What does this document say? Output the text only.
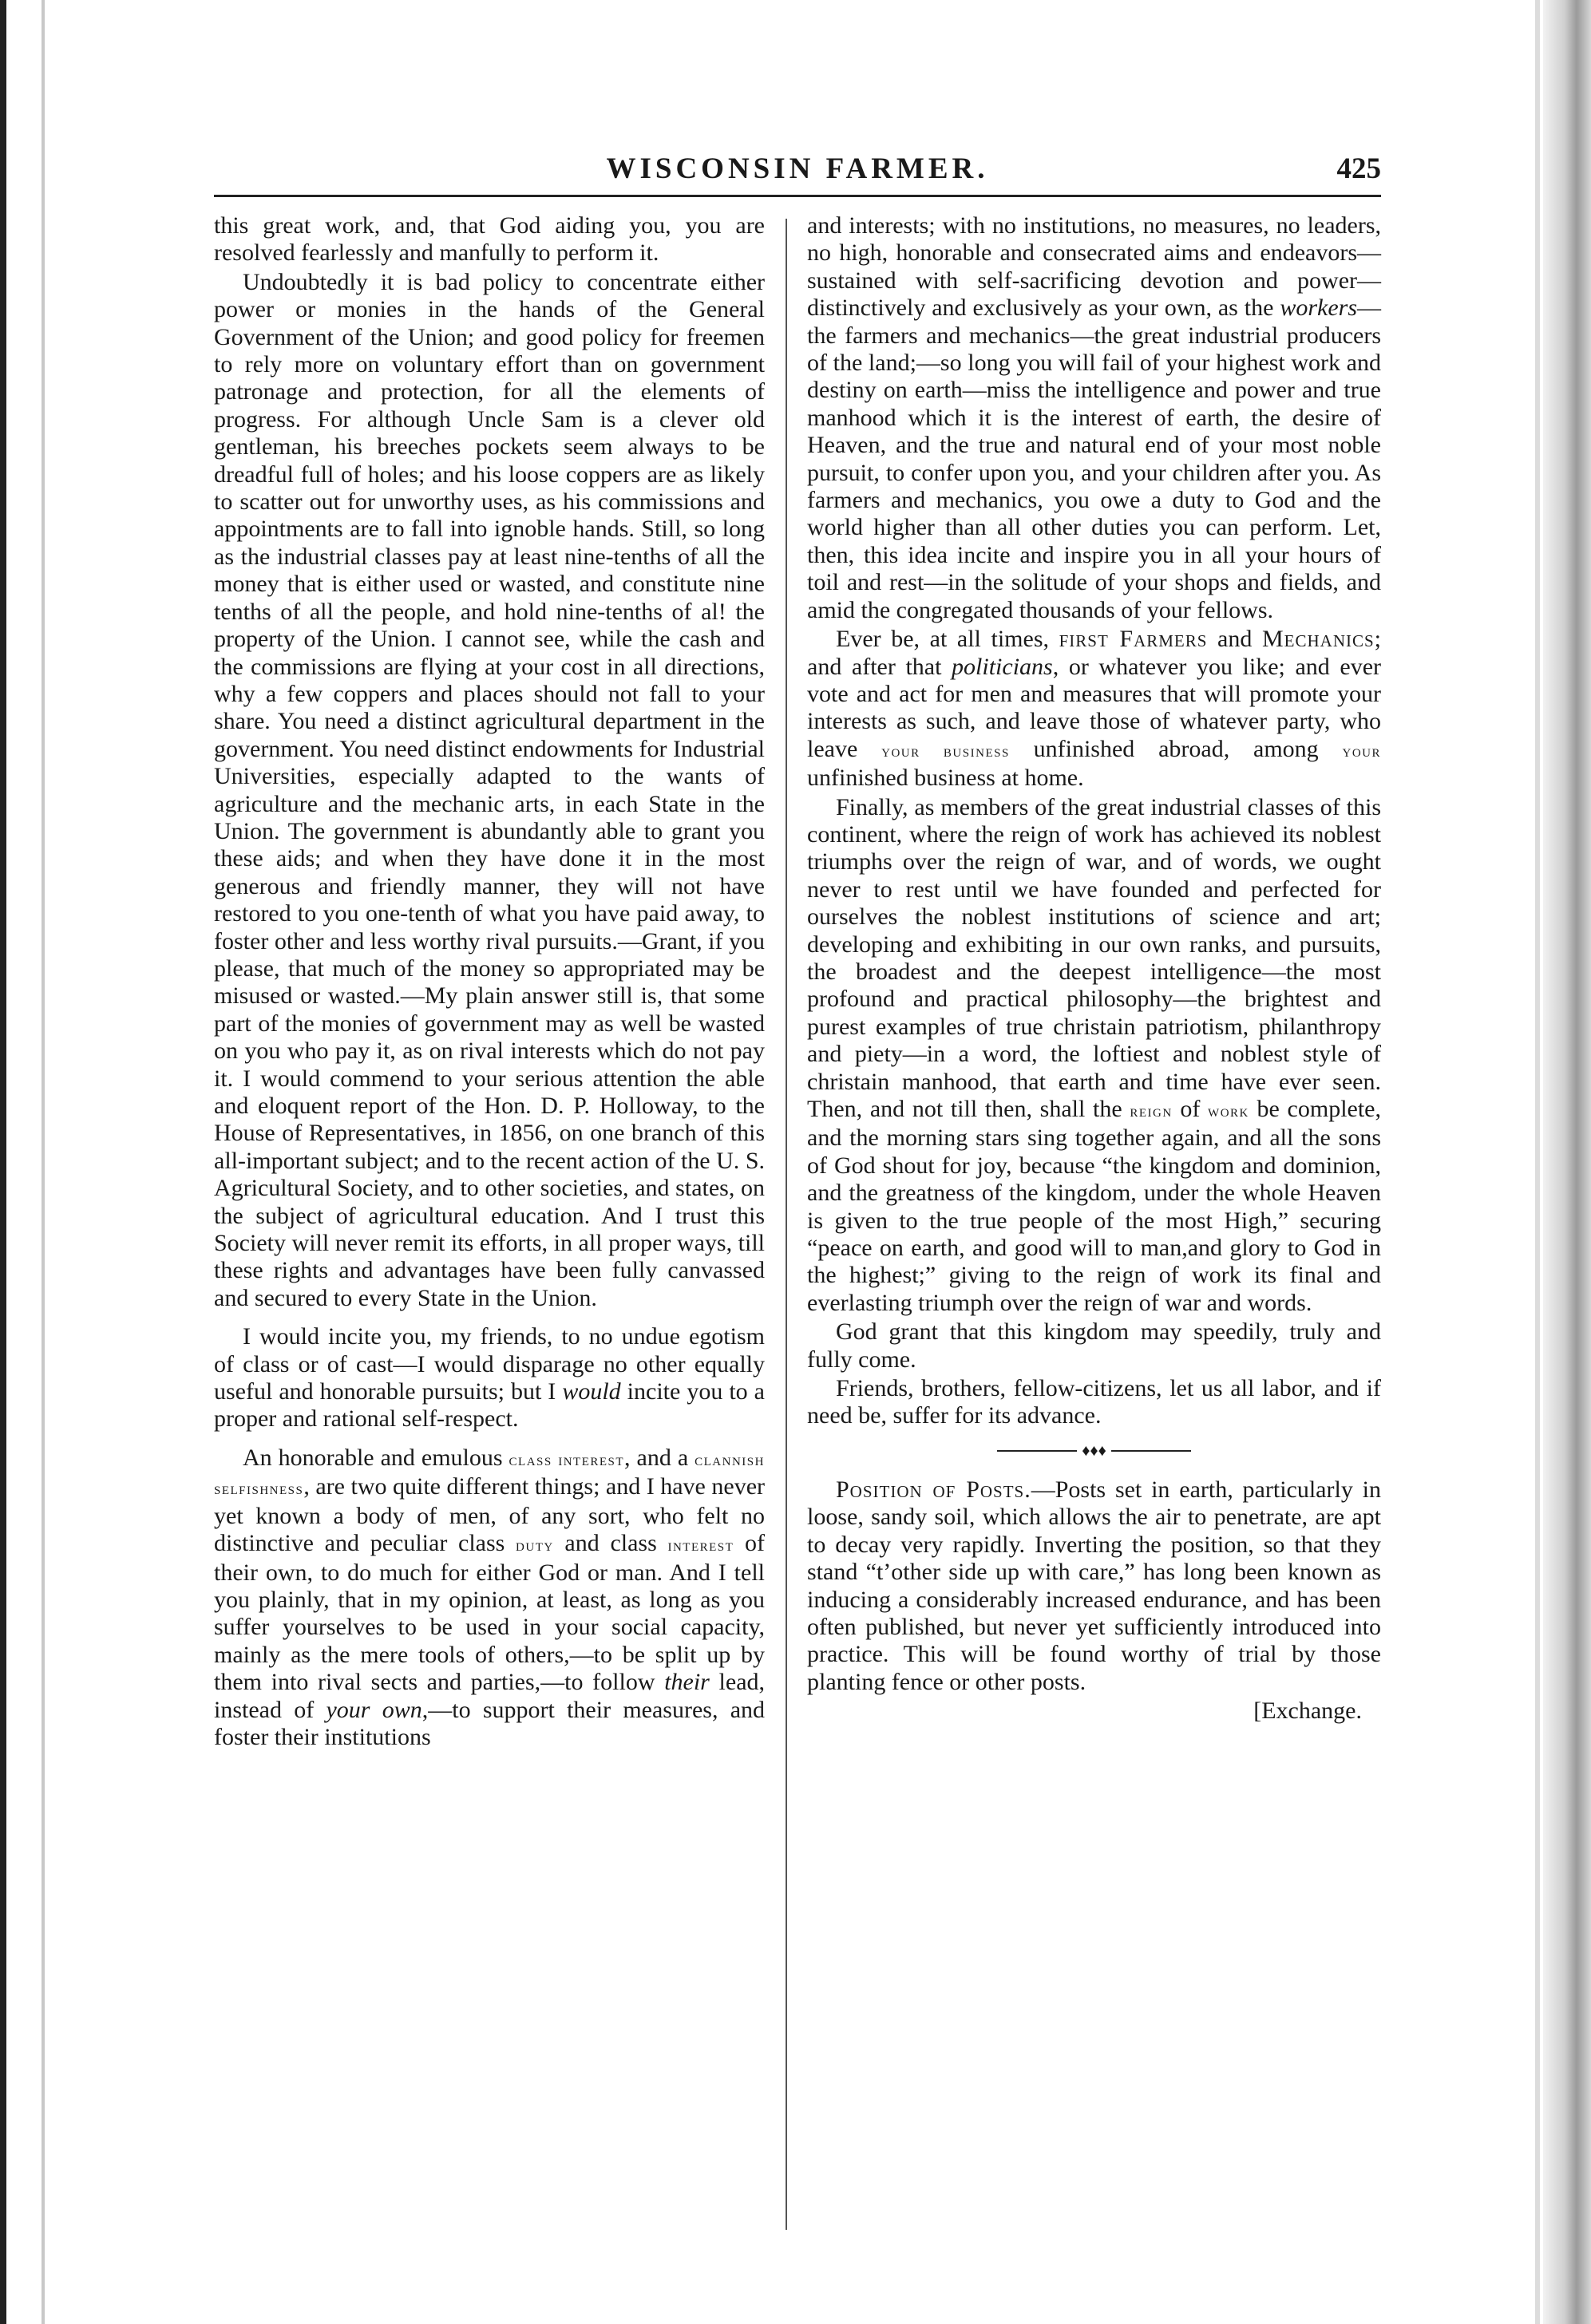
WISCONSIN FARMER.	425

this great work, and, that God aiding you, you are resolved fearlessly and manfully to perform it.

Undoubtedly it is bad policy to concentrate either power or monies in the hands of the General Government of the Union; and good policy for freemen to rely more on voluntary effort than on government patronage and protection, for all the elements of progress. For although Uncle Sam is a clever old gentleman, his breeches pockets seem always to be dreadful full of holes; and his loose coppers are as likely to scatter out for unworthy uses, as his commissions and appointments are to fall into ignoble hands. Still, so long as the industrial classes pay at least nine-tenths of all the money that is either used or wasted, and constitute nine tenths of all the people, and hold nine-tenths of al! the property of the Union. I cannot see, while the cash and the commissions are flying at your cost in all directions, why a few coppers and places should not fall to your share. You need a distinct agricultural department in the government. You need distinct endowments for Industrial Universities, especially adapted to the wants of agriculture and the mechanic arts, in each State in the Union. The government is abundantly able to grant you these aids; and when they have done it in the most generous and friendly manner, they will not have restored to you one-tenth of what you have paid away, to foster other and less worthy rival pursuits.—Grant, if you please, that much of the money so appropriated may be misused or wasted.—My plain answer still is, that some part of the monies of government may as well be wasted on you who pay it, as on rival interests which do not pay it. I would commend to your serious attention the able and eloquent report of the Hon. D. P. Holloway, to the House of Representatives, in 1856, on one branch of this all-important subject; and to the recent action of the U. S. Agricultural Society, and to other societies, and states, on the subject of agricultural education. And I trust this Society will never remit its efforts, in all proper ways, till these rights and advantages have been fully canvassed and secured to every State in the Union.

I would incite you, my friends, to no undue egotism of class or of cast—I would disparage no other equally useful and honorable pursuits; but I would incite you to a proper and rational self-respect.

An honorable and emulous class interest, and a clannish selfishness, are two quite different things; and I have never yet known a body of men, of any sort, who felt no distinctive and peculiar class duty and class interest of their own, to do much for either God or man. And I tell you plainly, that in my opinion, at least, as long as you suffer yourselves to be used in your social capacity, mainly as the mere tools of others,—to be split up by them into rival sects and parties,—to follow their lead, instead of your own,—to support their measures, and foster their institutions

and interests; with no institutions, no measures, no leaders, no high, honorable and consecrated aims and endeavors—sustained with self-sacrificing devotion and power—distinctively and exclusively as your own, as the workers—the farmers and mechanics—the great industrial producers of the land;—so long you will fail of your highest work and destiny on earth—miss the intelligence and power and true manhood which it is the interest of earth, the desire of Heaven, and the true and natural end of your most noble pursuit, to confer upon you, and your children after you. As farmers and mechanics, you owe a duty to God and the world higher than all other duties you can perform. Let, then, this idea incite and inspire you in all your hours of toil and rest—in the solitude of your shops and fields, and amid the congregated thousands of your fellows.

Ever be, at all times, first Farmers and Mechanics; and after that politicians, or whatever you like; and ever vote and act for men and measures that will promote your interests as such, and leave those of whatever party, who leave your business unfinished abroad, among your unfinished business at home.

Finally, as members of the great industrial classes of this continent, where the reign of work has achieved its noblest triumphs over the reign of war, and of words, we ought never to rest until we have founded and perfected for ourselves the noblest institutions of science and art; developing and exhibiting in our own ranks, and pursuits, the broadest and the deepest intelligence—the most profound and practical philosophy—the brightest and purest examples of true christain patriotism, philanthropy and piety—in a word, the loftiest and noblest style of christain manhood, that earth and time have ever seen. Then, and not till then, shall the reign of work be complete, and the morning stars sing together again, and all the sons of God shout for joy, because “the kingdom and dominion, and the greatness of the kingdom, under the whole Heaven is given to the true people of the most High,” securing “peace on earth, and good will to man,and glory to God in the highest;” giving to the reign of work its final and everlasting triumph over the reign of war and words.

God grant that this kingdom may speedily, truly and fully come.

Friends, brothers, fellow-citizens, let us all labor, and if need be, suffer for its advance.

♦♦♦

Position of Posts.—Posts set in earth, particularly in loose, sandy soil, which allows the air to penetrate, are apt to decay very rapidly. Inverting the position, so that they stand “t’other side up with care,” has long been known as inducing a considerably increased endurance, and has been often published, but never yet sufficiently introduced into practice. This will be found worthy of trial by those planting fence or other posts.

[Exchange.
